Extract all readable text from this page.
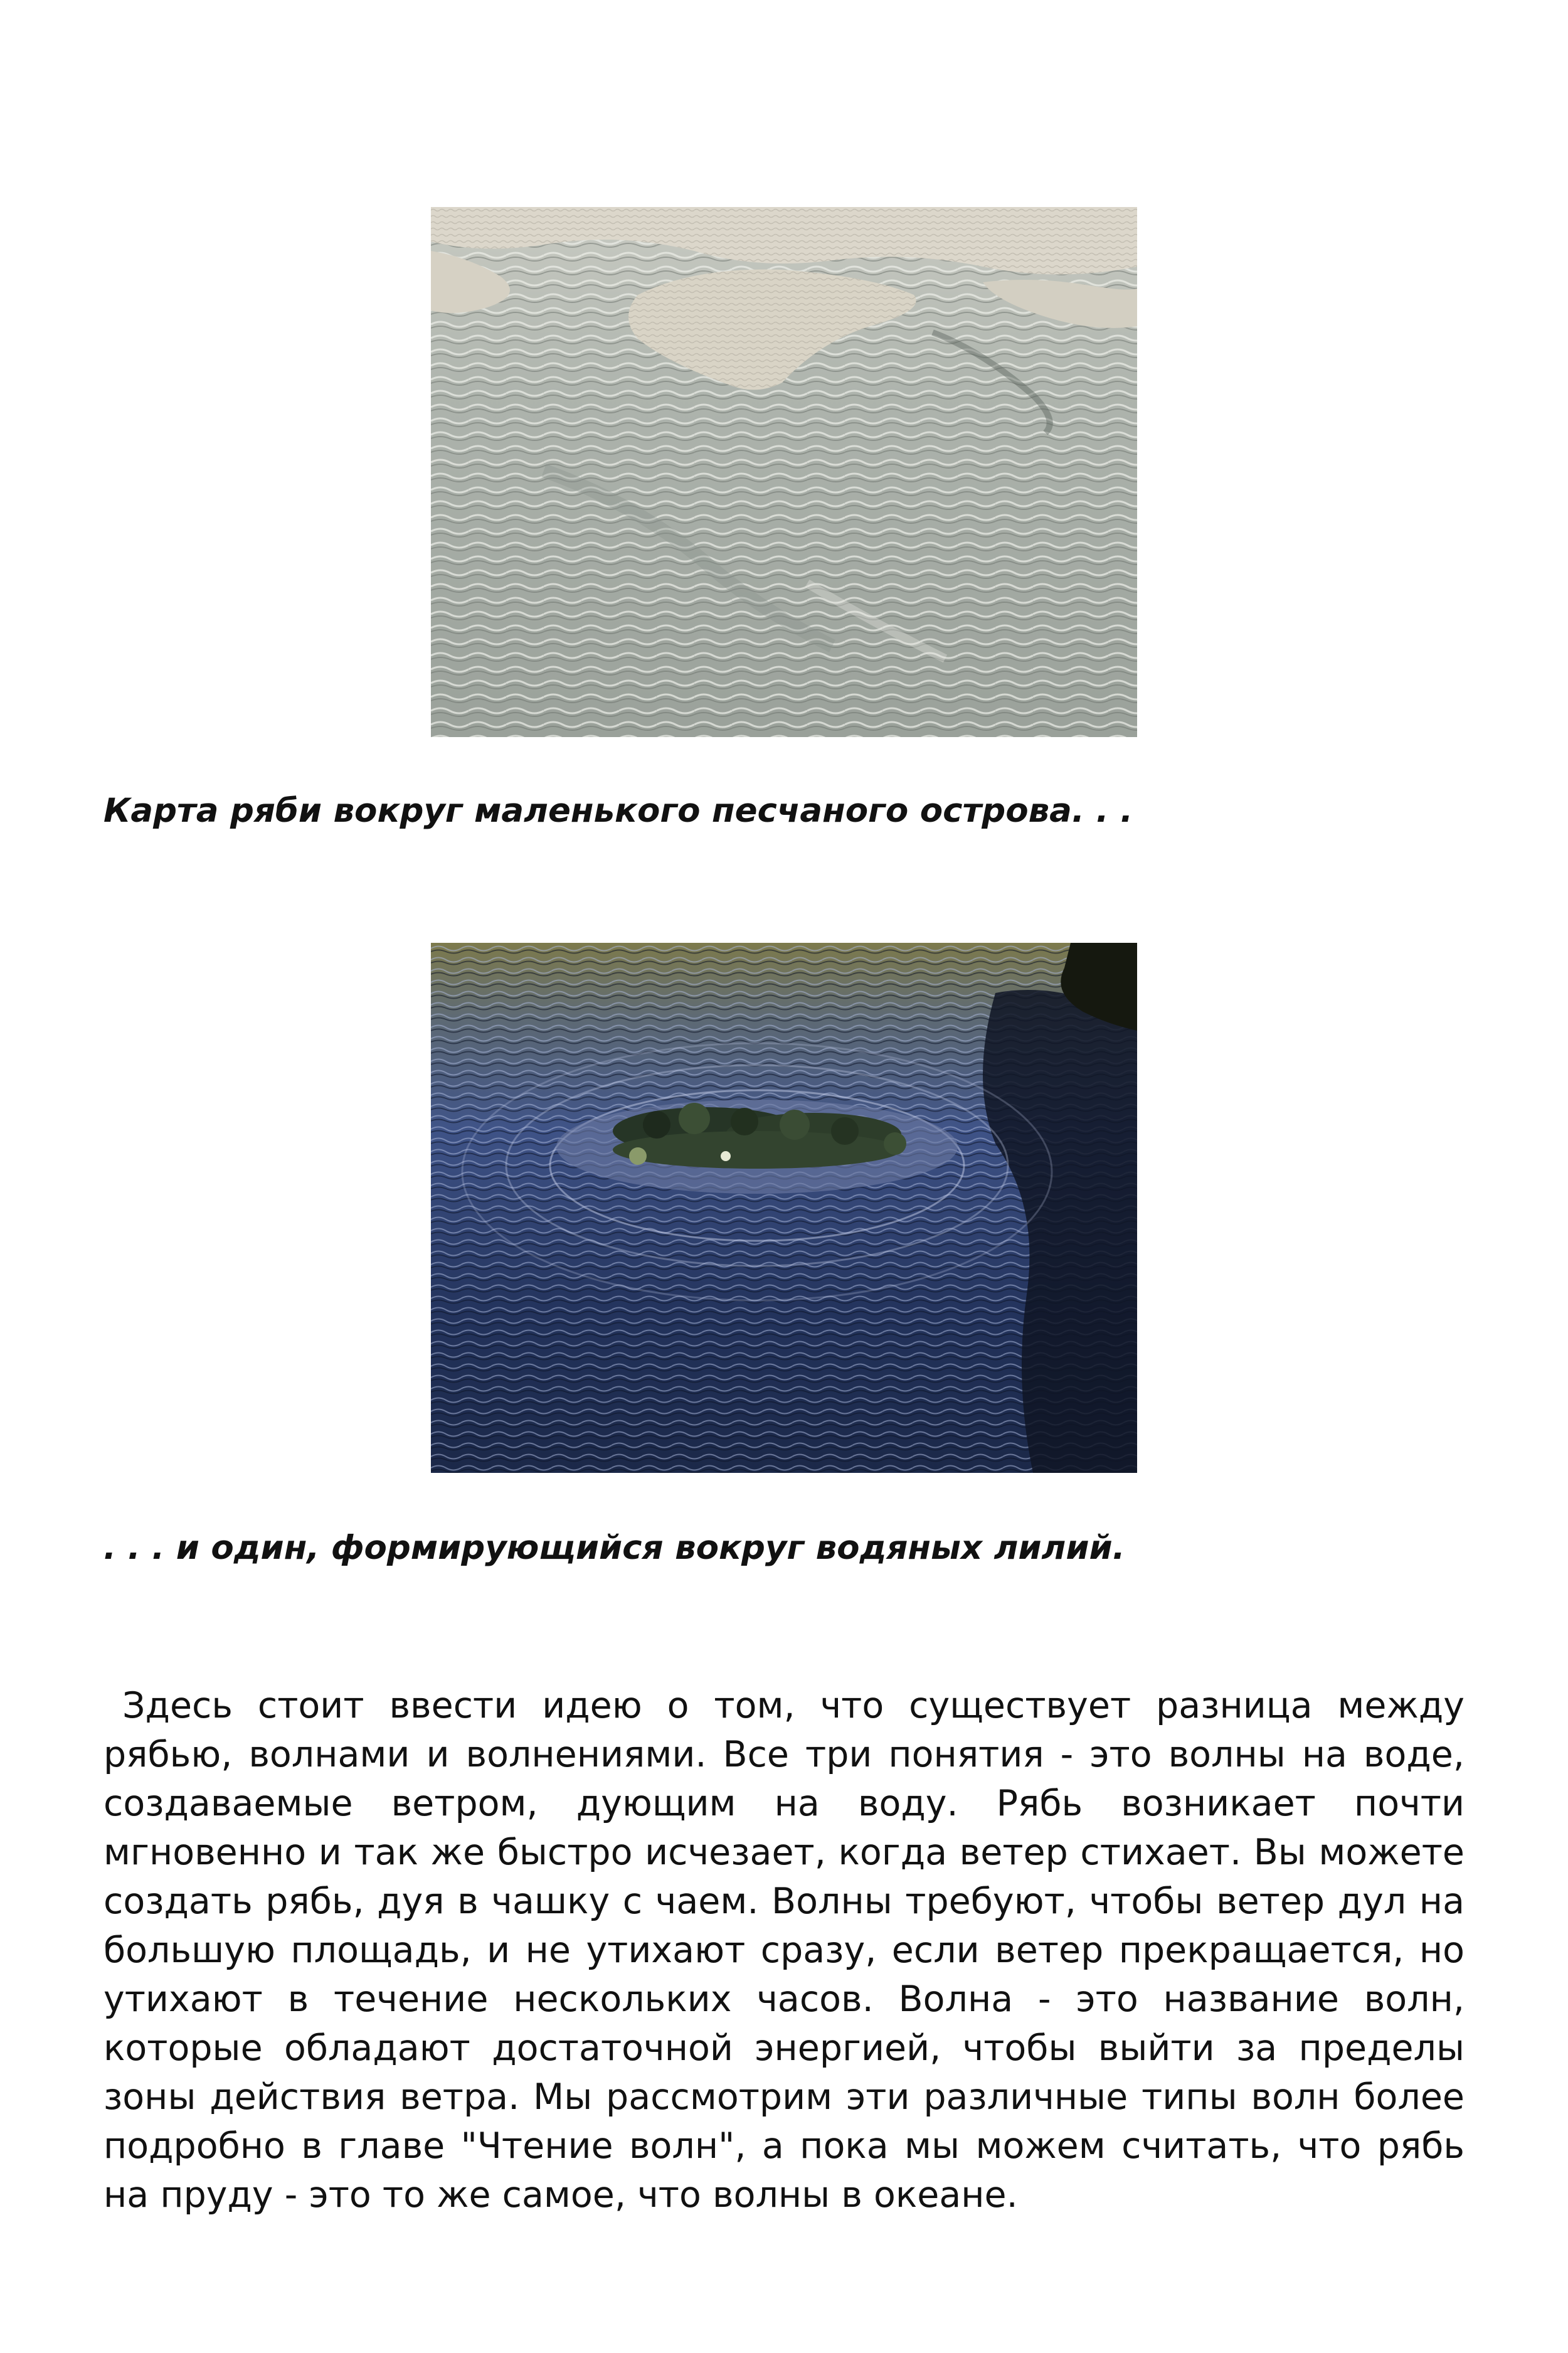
Карта ряби вокруг маленького песчаного острова. . .
. . . и один, формирующийся вокруг водяных лилий.

Здесь стоит ввести идею о том, что существует разница между рябью, волнами и волнениями. Все три понятия - это волны на воде, создаваемые ветром, дующим на воду. Рябь возникает почти мгновенно и так же быстро исчезает, когда ветер стихает. Вы можете создать рябь, дуя в чашку с чаем. Волны требуют, чтобы ветер дул на большую площадь, и не утихают сразу, если ветер прекращается, но утихают в течение нескольких часов. Волна - это название волн, которые обладают достаточной энергией, чтобы выйти за пределы зоны действия ветра. Мы рассмотрим эти различные типы волн более подробно в главе "Чтение волн", а пока мы можем считать, что рябь на пруду - это то же самое, что волны в океане.
